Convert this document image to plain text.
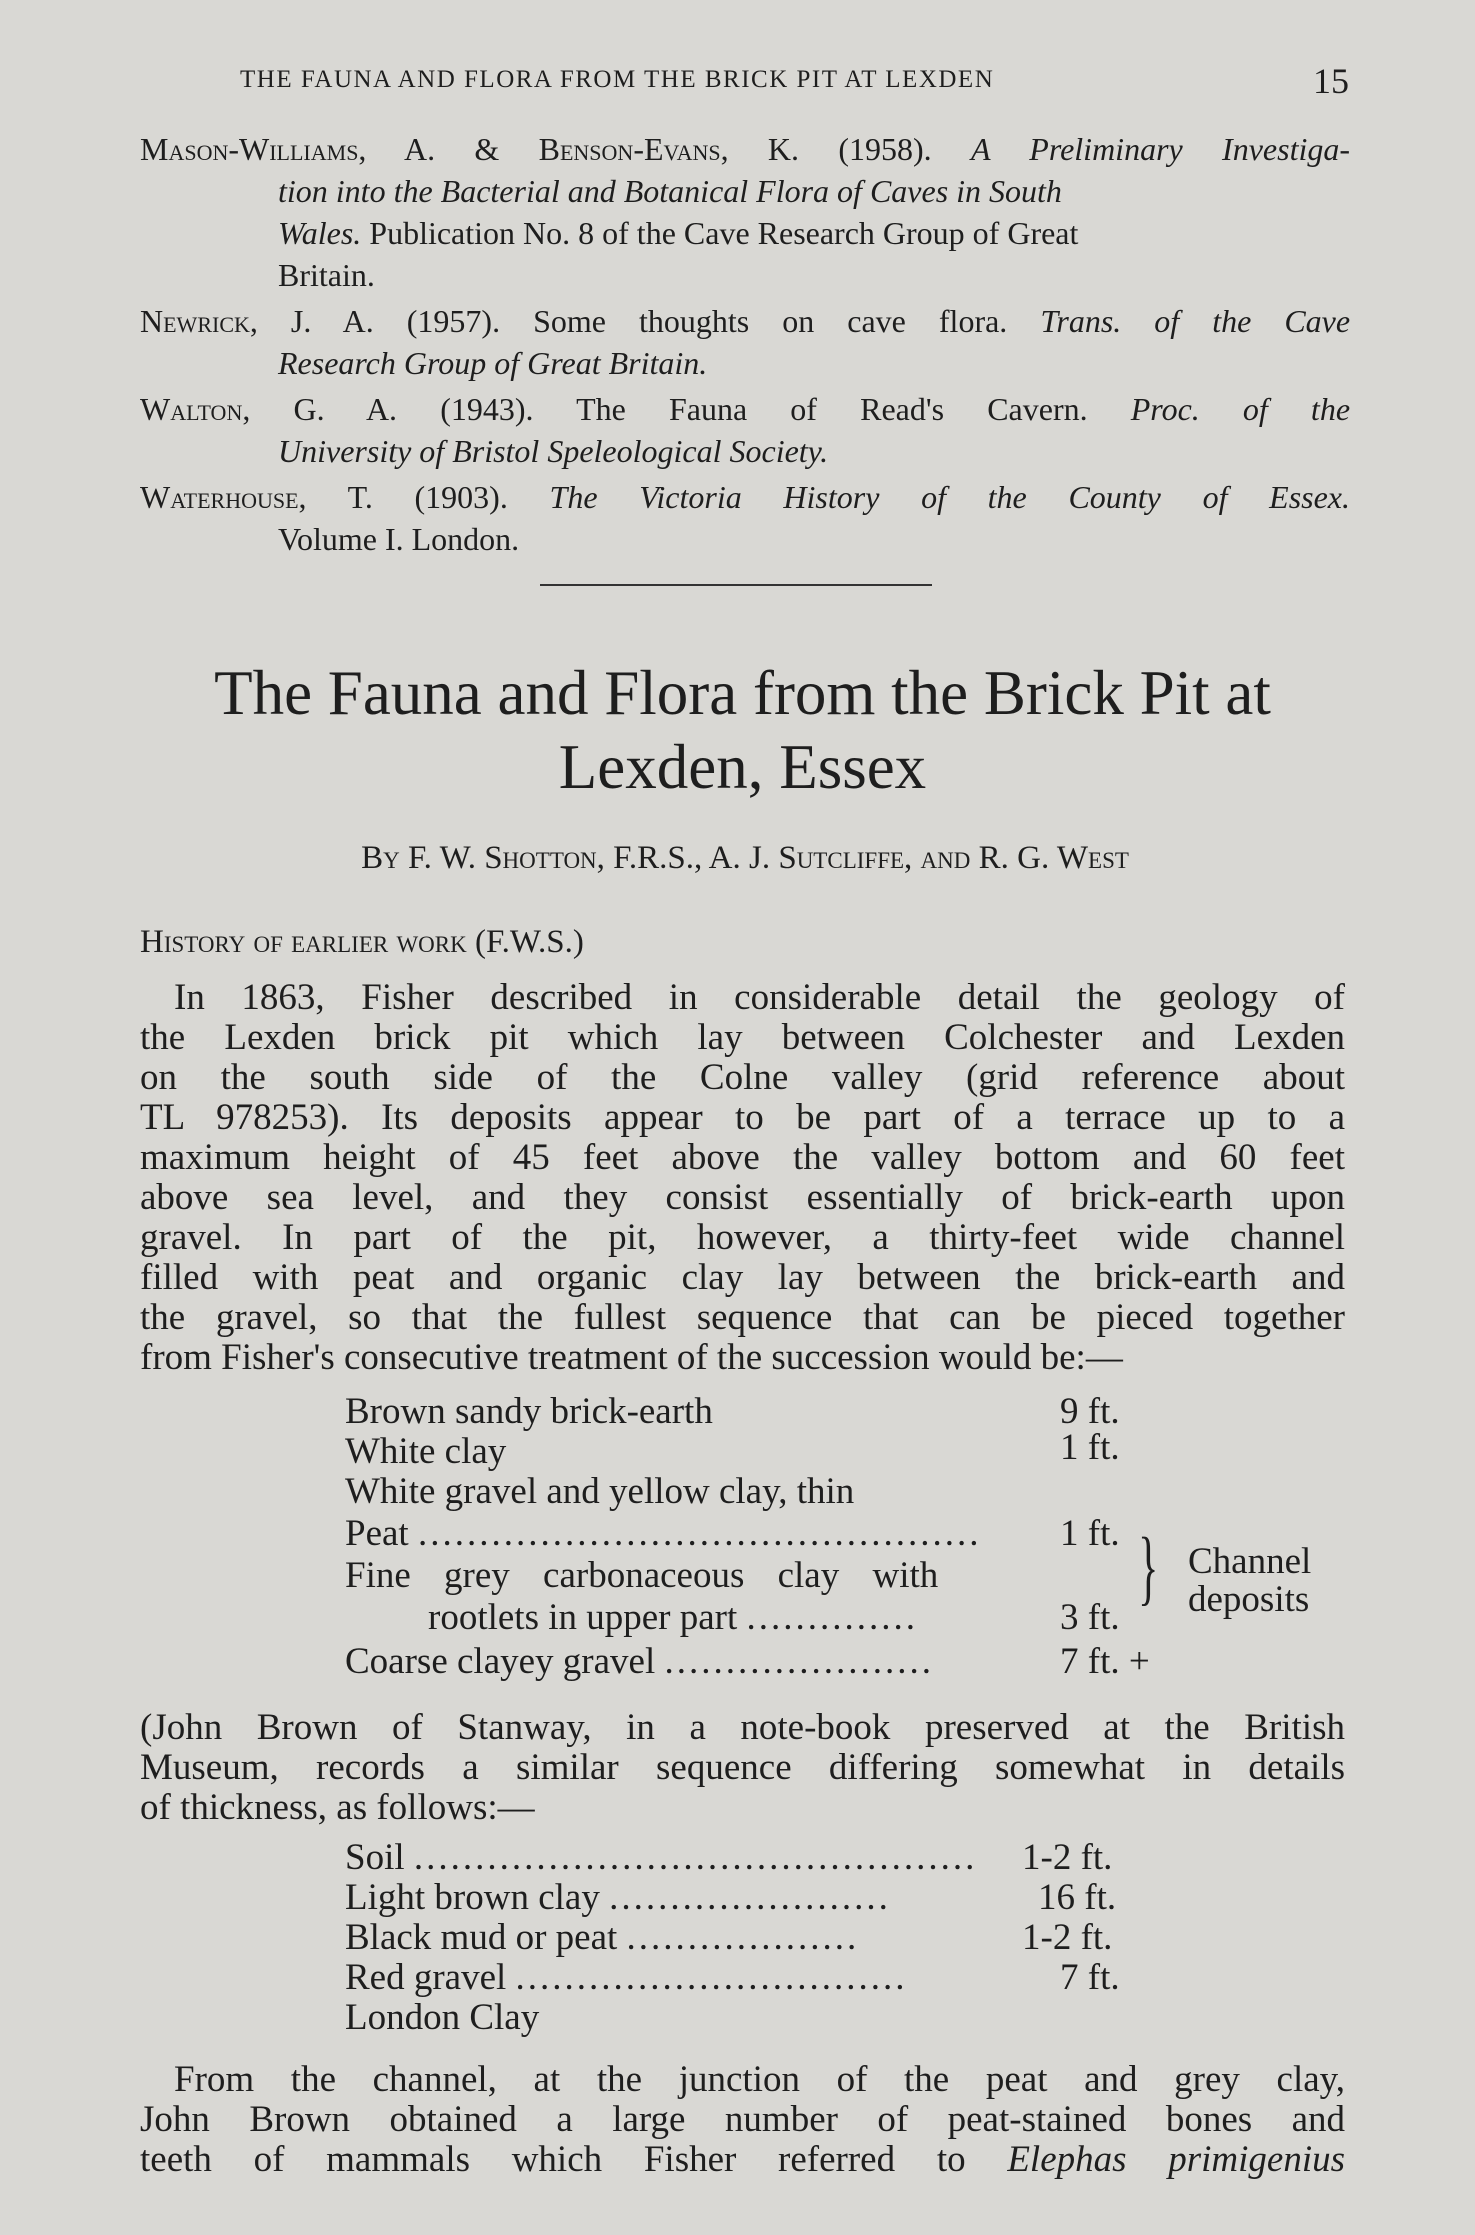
THE FAUNA AND FLORA FROM THE BRICK PIT AT LEXDEN	15
Mason-Williams, A. & Benson-Evans, K. (1958). A Preliminary Investiga-
tion into the Bacterial and Botanical Flora of Caves in South
Wales. Publication No. 8 of the Cave Research Group of Great
Britain.
Newrick, J. A. (1957). Some thoughts on cave flora. Trans. of the Cave
Research Group of Great Britain.
Walton, G. A. (1943). The Fauna of Read's Cavern. Proc. of the
University of Bristol Speleological Society.
Waterhouse, T. (1903). The Victoria History of the County of Essex.
Volume I. London.
The Fauna and Flora from the Brick Pit at
Lexden, Essex
By F. W. Shotton, F.R.S., A. J. Sutcliffe, and R. G. West
History of earlier work (F.W.S.)
In 1863, Fisher described in considerable detail the geology of
the Lexden brick pit which lay between Colchester and Lexden
on the south side of the Colne valley (grid reference about
TL 978253). Its deposits appear to be part of a terrace up to a
maximum height of 45 feet above the valley bottom and 60 feet
above sea level, and they consist essentially of brick-earth upon
gravel. In part of the pit, however, a thirty-feet wide channel
filled with peat and organic clay lay between the brick-earth and
the gravel, so that the fullest sequence that can be pieced together
from Fisher's consecutive treatment of the succession would be:—
Brown sandy brick-earth	9 ft.
White clay	1 ft.
White gravel and yellow clay, thin
Peat .............................................. 1 ft.
Fine grey carbonaceous clay with
rootlets in upper part ..............	3 ft.
} Channel
deposits
Coarse clayey gravel ......................	7 ft. +
(John Brown of Stanway, in a note-book preserved at the British
Museum, records a similar sequence differing somewhat in details
of thickness, as follows:—
Soil .............................................. 1-2 ft.
Light brown clay .......................	16 ft.
Black mud or peat ...................	1-2 ft.
Red gravel ................................	7 ft.
London Clay
From the channel, at the junction of the peat and grey clay,
John Brown obtained a large number of peat-stained bones and
teeth of mammals which Fisher referred to Elephas primigenius
